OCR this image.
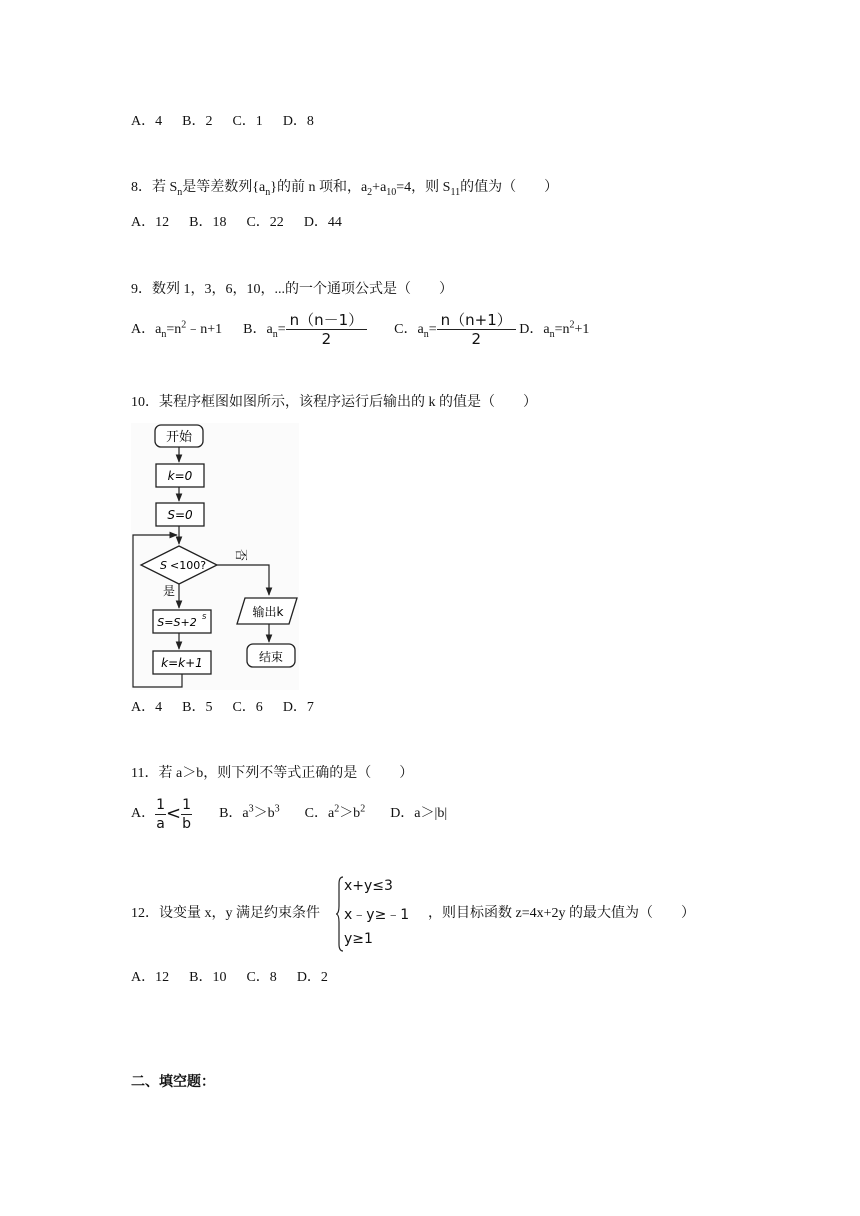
A．4 B．2 C．1 D．8
8．若 $S_n$是等差数列$\{a_n\}$的前 n 项和，$a_2+a_{10}=4$，则 $S_{11}$的值为（　　）
A．12 B．18 C．22 D．44
9．数列 1，3，6，10，...的一个通项公式是（　　）
A．$a_n=n^2﹣n+1$ B．$a_n= \frac{n(n-1)}{2}$ C．$a_n= \frac{n(n+1)}{2}$ D．$a_n=n^2+1$
10．某程序框图如图所示，该程序运行后输出的 k 的值是（　　）
开始
k=0
S=0
S <100?
否
输出k
结束
是
S=S+2 S
k=k+1
A．4 B．5 C．6 D．7
11．若 a＞b，则下列不等式正确的是（　　）
A． $\frac{1}{a} < \frac{1}{b}$ B．$a^3>b^3$ C．$a^2>b^2$ D．a＞|b|
12．设变量 x，y 满足约束条件
x+y≤3
x﹣y≥﹣1
y≥1
，则目标函数 z=4x+2y 的最大值为（　　）
A．12 B．10 C．8 D．2
二、填空题：
